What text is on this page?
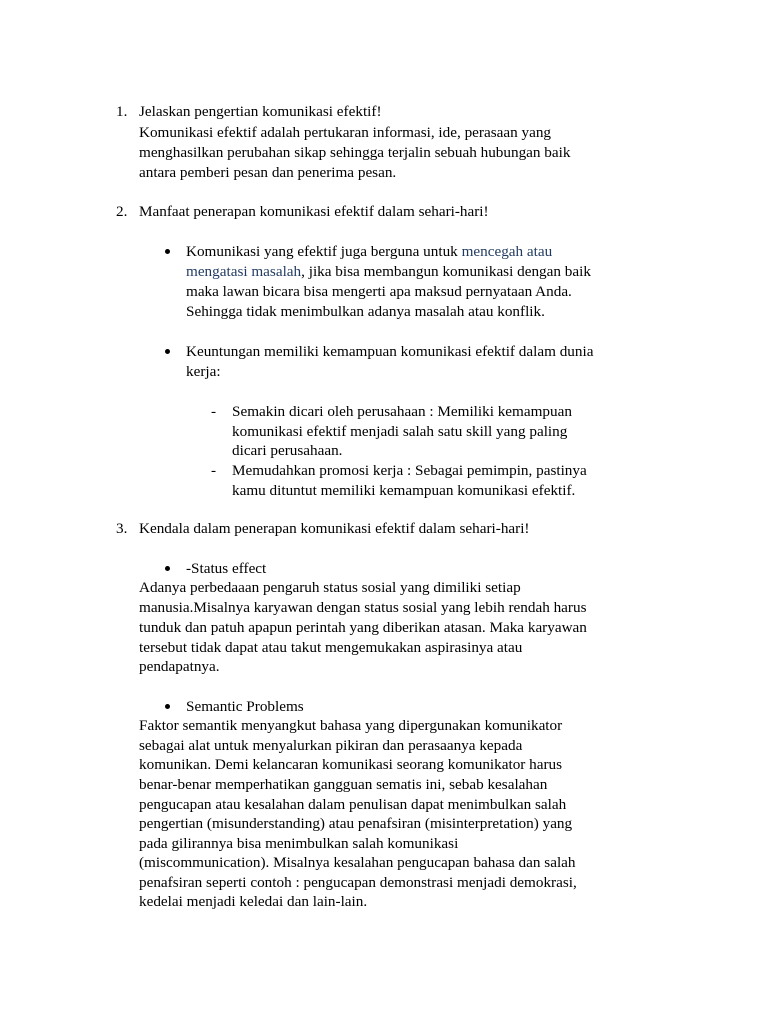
1. Jelaskan pengertian komunikasi efektif!
Komunikasi efektif adalah pertukaran informasi, ide, perasaan yang
menghasilkan perubahan sikap sehingga terjalin sebuah hubungan baik
antara pemberi pesan dan penerima pesan.
2. Manfaat penerapan komunikasi efektif dalam sehari-hari!
Komunikasi yang efektif juga berguna untuk mencegah atau
mengatasi masalah, jika bisa membangun komunikasi dengan baik
maka lawan bicara bisa mengerti apa maksud pernyataan Anda.
Sehingga tidak menimbulkan adanya masalah atau konflik.
Keuntungan memiliki kemampuan komunikasi efektif dalam dunia
kerja:
- Semakin dicari oleh perusahaan : Memiliki kemampuan
komunikasi efektif menjadi salah satu skill yang paling
dicari perusahaan.
- Memudahkan promosi kerja : Sebagai pemimpin, pastinya
kamu dituntut memiliki kemampuan komunikasi efektif.
3. Kendala dalam penerapan komunikasi efektif dalam sehari-hari!
-Status effect
Adanya perbedaaan pengaruh status sosial yang dimiliki setiap
manusia.Misalnya karyawan dengan status sosial yang lebih rendah harus
tunduk dan patuh apapun perintah yang diberikan atasan. Maka karyawan
tersebut tidak dapat atau takut mengemukakan aspirasinya atau
pendapatnya.
Semantic Problems
Faktor semantik menyangkut bahasa yang dipergunakan komunikator
sebagai alat untuk menyalurkan pikiran dan perasaanya kepada
komunikan. Demi kelancaran komunikasi seorang komunikator harus
benar-benar memperhatikan gangguan sematis ini, sebab kesalahan
pengucapan atau kesalahan dalam penulisan dapat menimbulkan salah
pengertian (misunderstanding) atau penafsiran (misinterpretation) yang
pada gilirannya bisa menimbulkan salah komunikasi
(miscommunication). Misalnya kesalahan pengucapan bahasa dan salah
penafsiran seperti contoh : pengucapan demonstrasi menjadi demokrasi,
kedelai menjadi keledai dan lain-lain.
